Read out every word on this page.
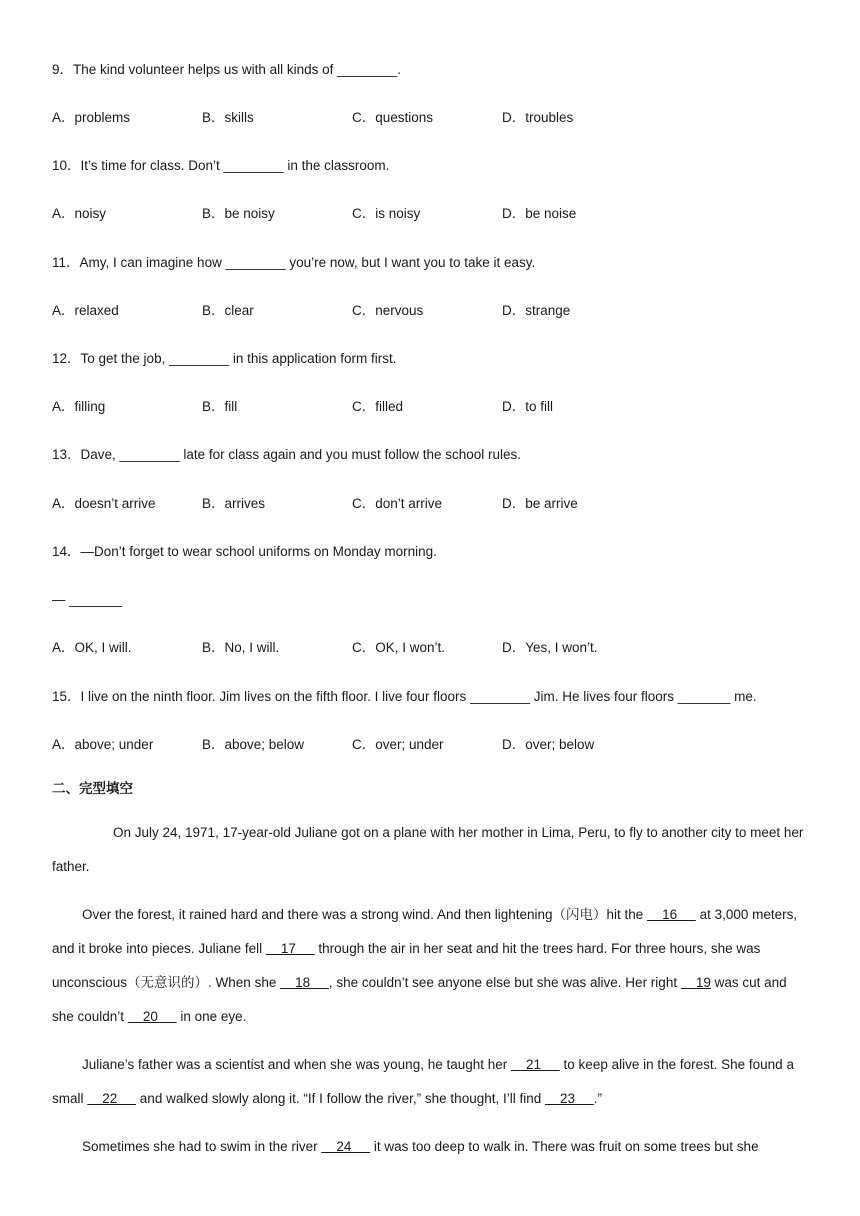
9．The kind volunteer helps us with all kinds of ________.
A．problems	B．skills	C．questions	D．troubles
10．It’s time for class. Don’t ________ in the classroom.
A．noisy	B．be noisy	C．is noisy	D．be noise
11．Amy, I can imagine how ________ you’re now, but I want you to take it easy.
A．relaxed	B．clear	C．nervous	D．strange
12．To get the job, ________ in this application form first.
A．filling	B．fill	C．filled	D．to fill
13．Dave, ________ late for class again and you must follow the school rules.
A．doesn’t arrive	B．arrives	C．don’t arrive	D．be arrive
14．—Don’t forget to wear school uniforms on Monday morning.
— _______
A．OK, I will.	B．No, I will.	C．OK, I won’t.	D．Yes, I won’t.
15．I live on the ninth floor. Jim lives on the fifth floor. I live four floors ________ Jim. He lives four floors _______ me.
A．above; under	B．above; below	C．over; under	D．over; below
二、完型填空
On July 24, 1971, 17-year-old Juliane got on a plane with her mother in Lima, Peru, to fly to another city to meet her father.
Over the forest, it rained hard and there was a strong wind. And then lightening（闪电）hit the     16      at 3,000 meters, and it broke into pieces. Juliane fell     17      through the air in her seat and hit the trees hard. For three hours, she was unconscious（无意识的）. When she     18     , she couldn’t see anyone else but she was alive. Her right     19 was cut and she couldn’t     20      in one eye.
Juliane’s father was a scientist and when she was young, he taught her     21      to keep alive in the forest. She found a small     22      and walked slowly along it. “If I follow the river,” she thought, I’ll find     23     .”
Sometimes she had to swim in the river     24      it was too deep to walk in. There was fruit on some trees but she
